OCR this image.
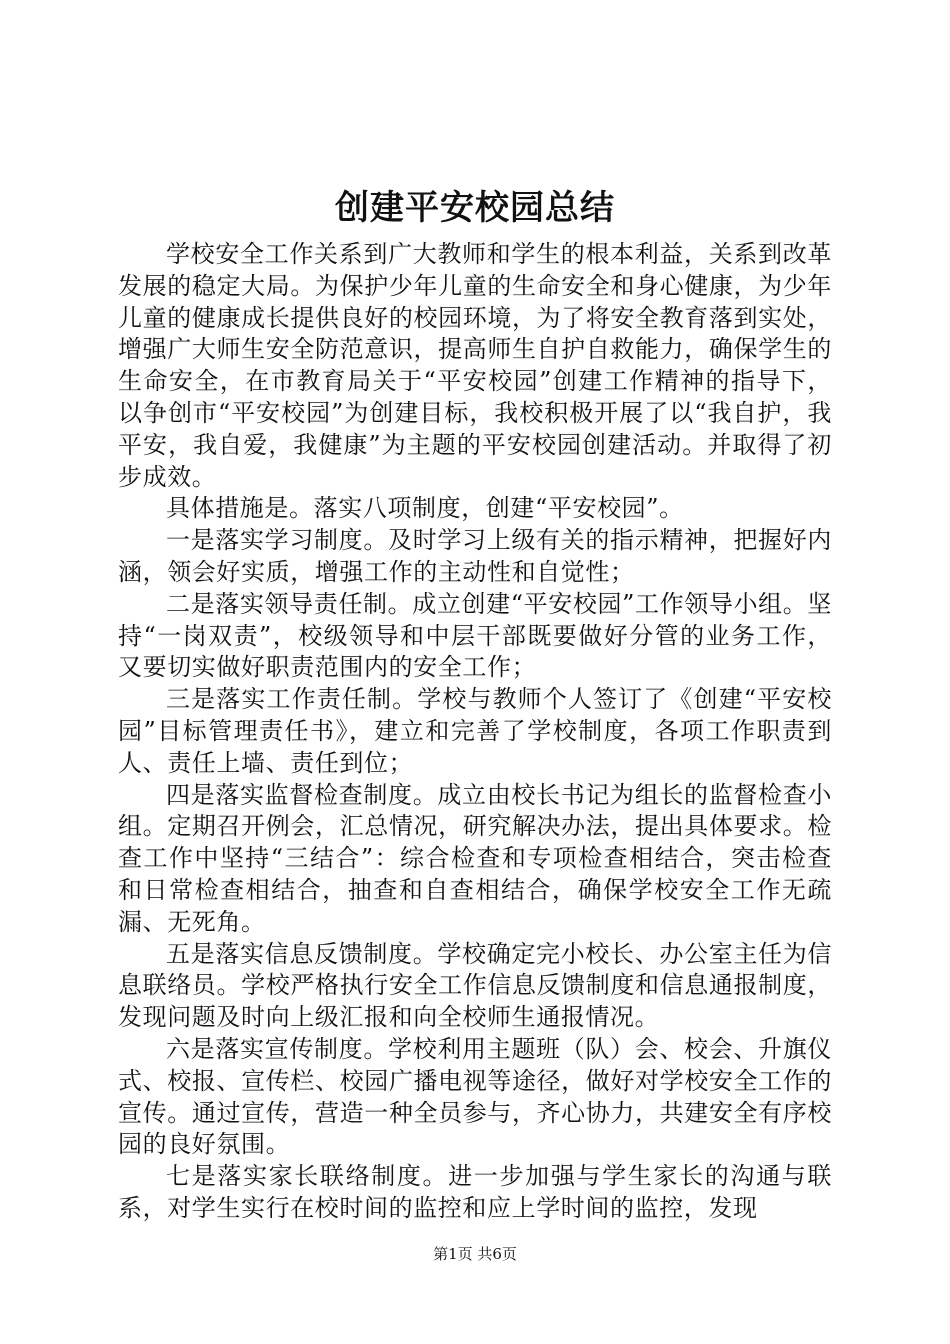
创建平安校园总结

学校安全工作关系到广大教师和学生的根本利益，关系到改革发展的稳定大局。为保护少年儿童的生命安全和身心健康，为少年儿童的健康成长提供良好的校园环境，为了将安全教育落到实处，增强广大师生安全防范意识，提高师生自护自救能力，确保学生的生命安全，在市教育局关于“平安校园”创建工作精神的指导下，以争创市“平安校园”为创建目标，我校积极开展了以“我自护，我平安，我自爱，我健康”为主题的平安校园创建活动。并取得了初步成效。

具体措施是。落实八项制度，创建“平安校园”。

一是落实学习制度。及时学习上级有关的指示精神，把握好内涵，领会好实质，增强工作的主动性和自觉性；

二是落实领导责任制。成立创建“平安校园”工作领导小组。坚持“一岗双责”，校级领导和中层干部既要做好分管的业务工作，又要切实做好职责范围内的安全工作；

三是落实工作责任制。学校与教师个人签订了《创建“平安校园”目标管理责任书》，建立和完善了学校制度，各项工作职责到人、责任上墙、责任到位；

四是落实监督检查制度。成立由校长书记为组长的监督检查小组。定期召开例会，汇总情况，研究解决办法，提出具体要求。检查工作中坚持“三结合”：综合检查和专项检查相结合，突击检查和日常检查相结合，抽查和自查相结合，确保学校安全工作无疏漏、无死角。

五是落实信息反馈制度。学校确定完小校长、办公室主任为信息联络员。学校严格执行安全工作信息反馈制度和信息通报制度，发现问题及时向上级汇报和向全校师生通报情况。

六是落实宣传制度。学校利用主题班（队）会、校会、升旗仪式、校报、宣传栏、校园广播电视等途径，做好对学校安全工作的宣传。通过宣传，营造一种全员参与，齐心协力，共建安全有序校园的良好氛围。

七是落实家长联络制度。进一步加强与学生家长的沟通与联系，对学生实行在校时间的监控和应上学时间的监控，发现

第1页 共6页
